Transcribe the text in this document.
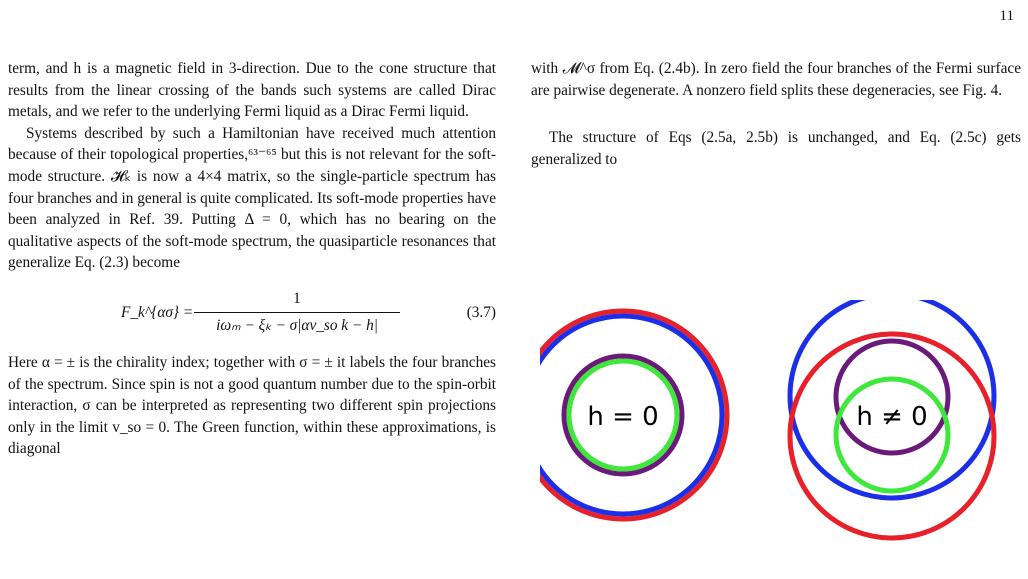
11

term, and h is a magnetic field in 3-direction. Due to the cone structure that results from the linear crossing of the bands such systems are called Dirac metals, and we refer to the underlying Fermi liquid as a Dirac Fermi liquid.

Systems described by such a Hamiltonian have received much attention because of their topological properties,⁶³⁻⁶⁵ but this is not relevant for the soft-mode structure. 𝓗ₖ is now a 4×4 matrix, so the single-particle spectrum has four branches and in general is quite complicated. Its soft-mode properties have been analyzed in Ref. 39. Putting Δ = 0, which has no bearing on the qualitative aspects of the soft-mode spectrum, the quasiparticle resonances that generalize Eq. (2.3) become

F_k^{ασ} =
1
iωₘ − ξₖ − σ|αv_so k − h|
(3.7)

Here α = ± is the chirality index; together with σ = ± it labels the four branches of the spectrum. Since spin is not a good quantum number due to the spin-orbit interaction, σ can be interpreted as representing two different spin projections only in the limit v_so = 0. The Green function, within these approximations, is diagonal

with 𝓜^σ from Eq. (2.4b). In zero field the four branches of the Fermi surface are pairwise degenerate. A nonzero field splits these degeneracies, see Fig. 4.

The structure of Eqs (2.5a, 2.5b) is unchanged, and Eq. (2.5c) gets generalized to

h = 0	h ≠ 0
